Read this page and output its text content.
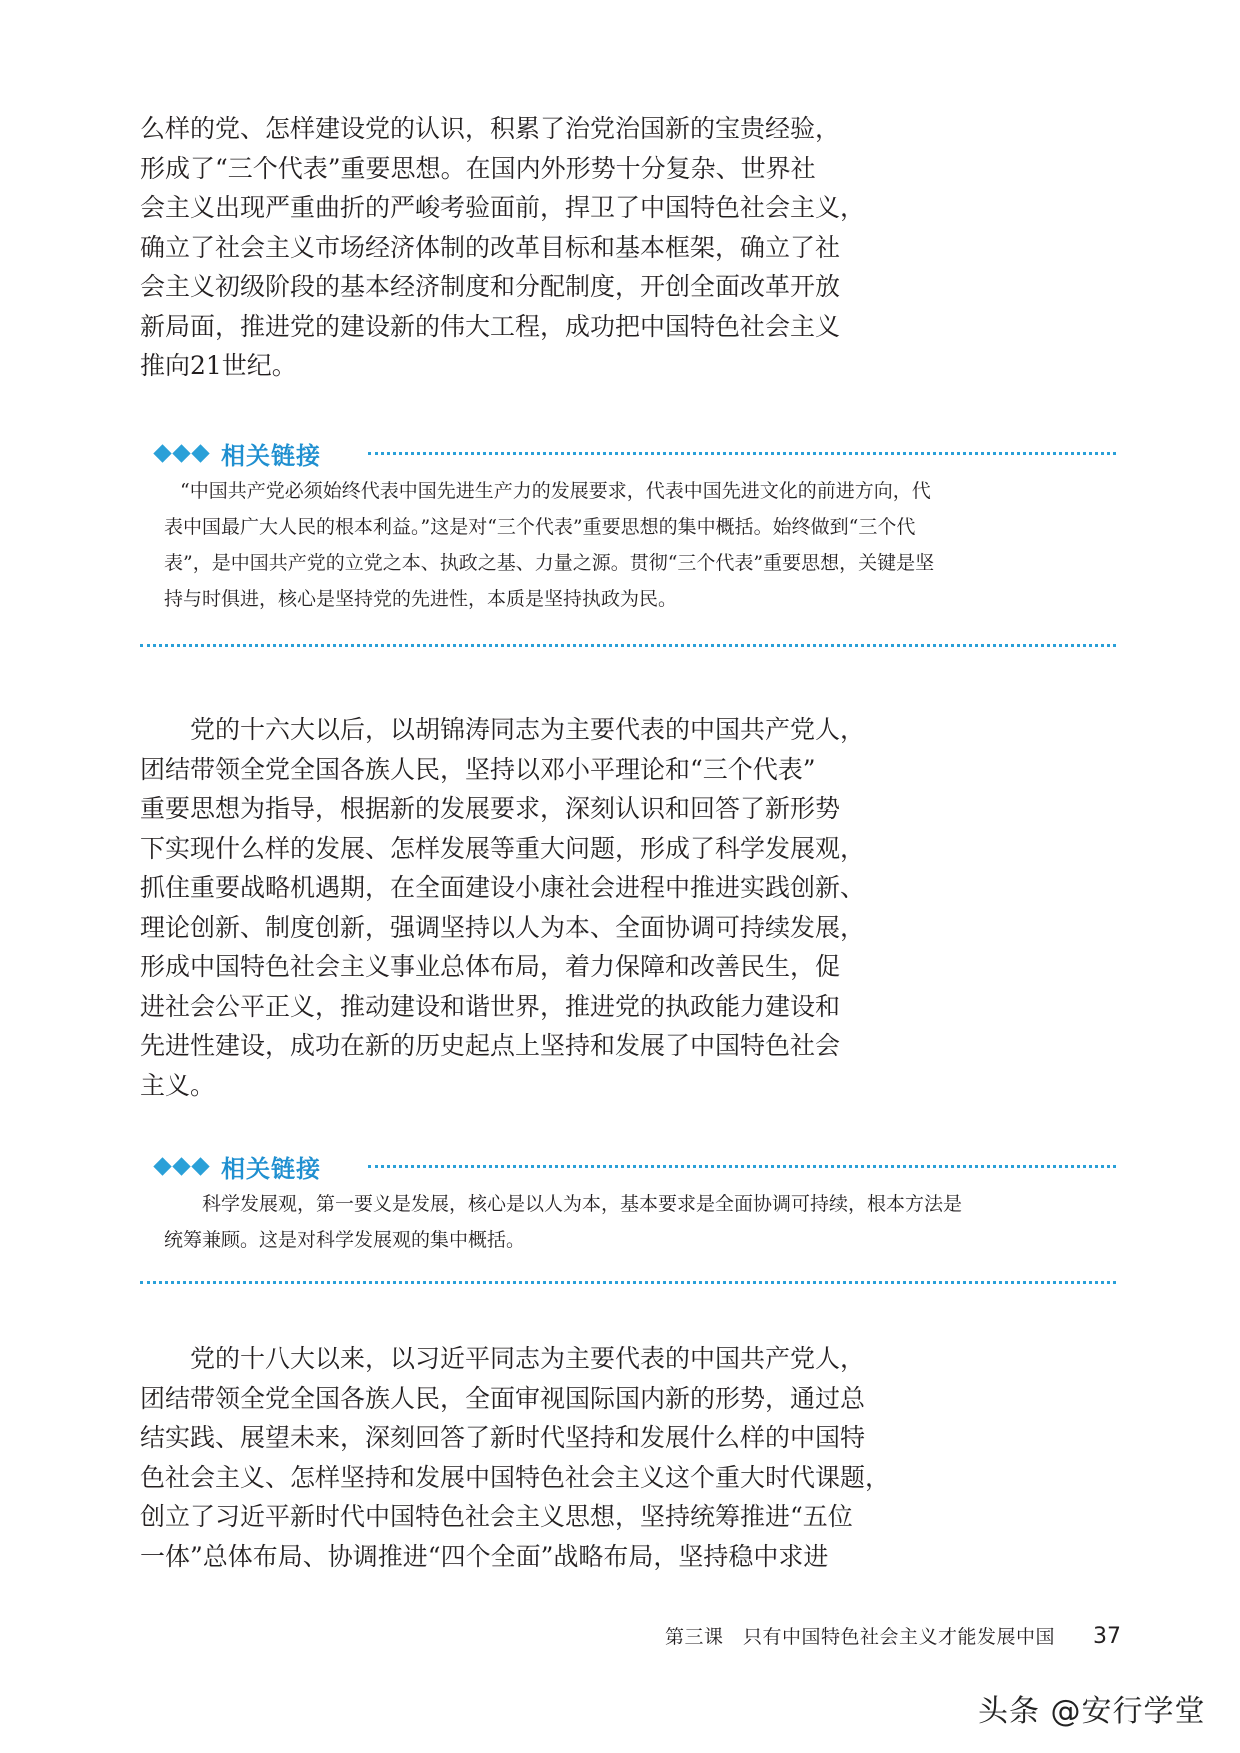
么样的党、怎样建设党的认识，积累了治党治国新的宝贵经验，
形成了“三个代表”重要思想。在国内外形势十分复杂、世界社
会主义出现严重曲折的严峻考验面前，捍卫了中国特色社会主义，
确立了社会主义市场经济体制的改革目标和基本框架，确立了社
会主义初级阶段的基本经济制度和分配制度，开创全面改革开放
新局面，推进党的建设新的伟大工程，成功把中国特色社会主义
推向21世纪。
相关链接
“中国共产党必须始终代表中国先进生产力的发展要求，代表中国先进文化的前进方向，代
表中国最广大人民的根本利益。”这是对“三个代表”重要思想的集中概括。始终做到“三个代
表”，是中国共产党的立党之本、执政之基、力量之源。贯彻“三个代表”重要思想，关键是坚
持与时俱进，核心是坚持党的先进性，本质是坚持执政为民。
党的十六大以后，以胡锦涛同志为主要代表的中国共产党人，
团结带领全党全国各族人民，坚持以邓小平理论和“三个代表”
重要思想为指导，根据新的发展要求，深刻认识和回答了新形势
下实现什么样的发展、怎样发展等重大问题，形成了科学发展观，
抓住重要战略机遇期，在全面建设小康社会进程中推进实践创新、
理论创新、制度创新，强调坚持以人为本、全面协调可持续发展，
形成中国特色社会主义事业总体布局，着力保障和改善民生，促
进社会公平正义，推动建设和谐世界，推进党的执政能力建设和
先进性建设，成功在新的历史起点上坚持和发展了中国特色社会
主义。
相关链接
科学发展观，第一要义是发展，核心是以人为本，基本要求是全面协调可持续，根本方法是
统筹兼顾。这是对科学发展观的集中概括。
党的十八大以来，以习近平同志为主要代表的中国共产党人，
团结带领全党全国各族人民，全面审视国际国内新的形势，通过总
结实践、展望未来，深刻回答了新时代坚持和发展什么样的中国特
色社会主义、怎样坚持和发展中国特色社会主义这个重大时代课题，
创立了习近平新时代中国特色社会主义思想，坚持统筹推进“五位
一体”总体布局、协调推进“四个全面”战略布局，坚持稳中求进
第三课　只有中国特色社会主义才能发展中国 37
头条 @安行学堂
